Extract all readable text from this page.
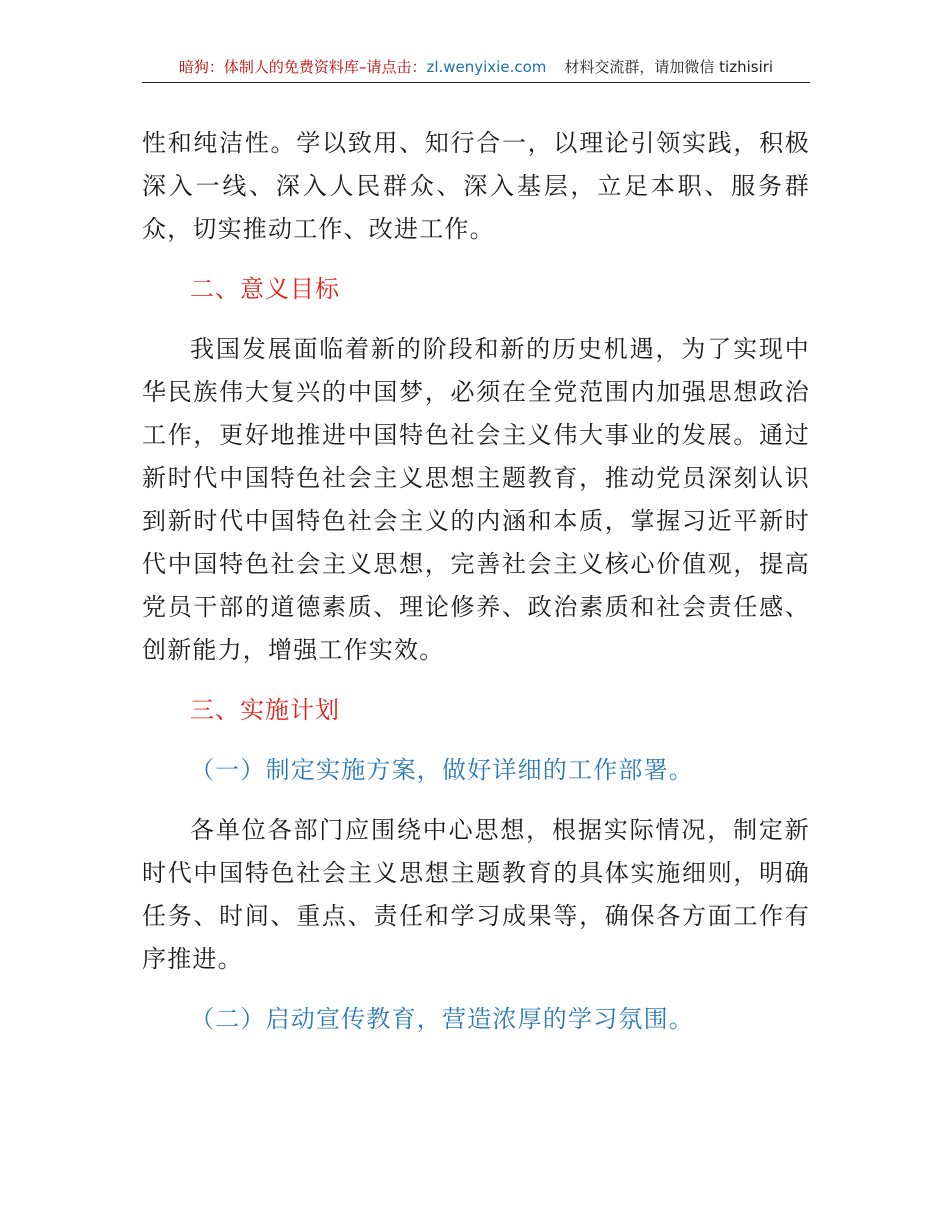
暗狗：体制人的免费资料库–请点击：zl.wenyixie.com 材料交流群，请加微信 tizhisiri

性和纯洁性。学以致用、知行合一，以理论引领实践，积极深入一线、深入人民群众、深入基层，立足本职、服务群众，切实推动工作、改进工作。

二、意义目标

我国发展面临着新的阶段和新的历史机遇，为了实现中华民族伟大复兴的中国梦，必须在全党范围内加强思想政治工作，更好地推进中国特色社会主义伟大事业的发展。通过新时代中国特色社会主义思想主题教育，推动党员深刻认识到新时代中国特色社会主义的内涵和本质，掌握习近平新时代中国特色社会主义思想，完善社会主义核心价值观，提高党员干部的道德素质、理论修养、政治素质和社会责任感、创新能力，增强工作实效。

三、实施计划

（一）制定实施方案，做好详细的工作部署。

各单位各部门应围绕中心思想，根据实际情况，制定新时代中国特色社会主义思想主题教育的具体实施细则，明确任务、时间、重点、责任和学习成果等，确保各方面工作有序推进。

（二）启动宣传教育，营造浓厚的学习氛围。
